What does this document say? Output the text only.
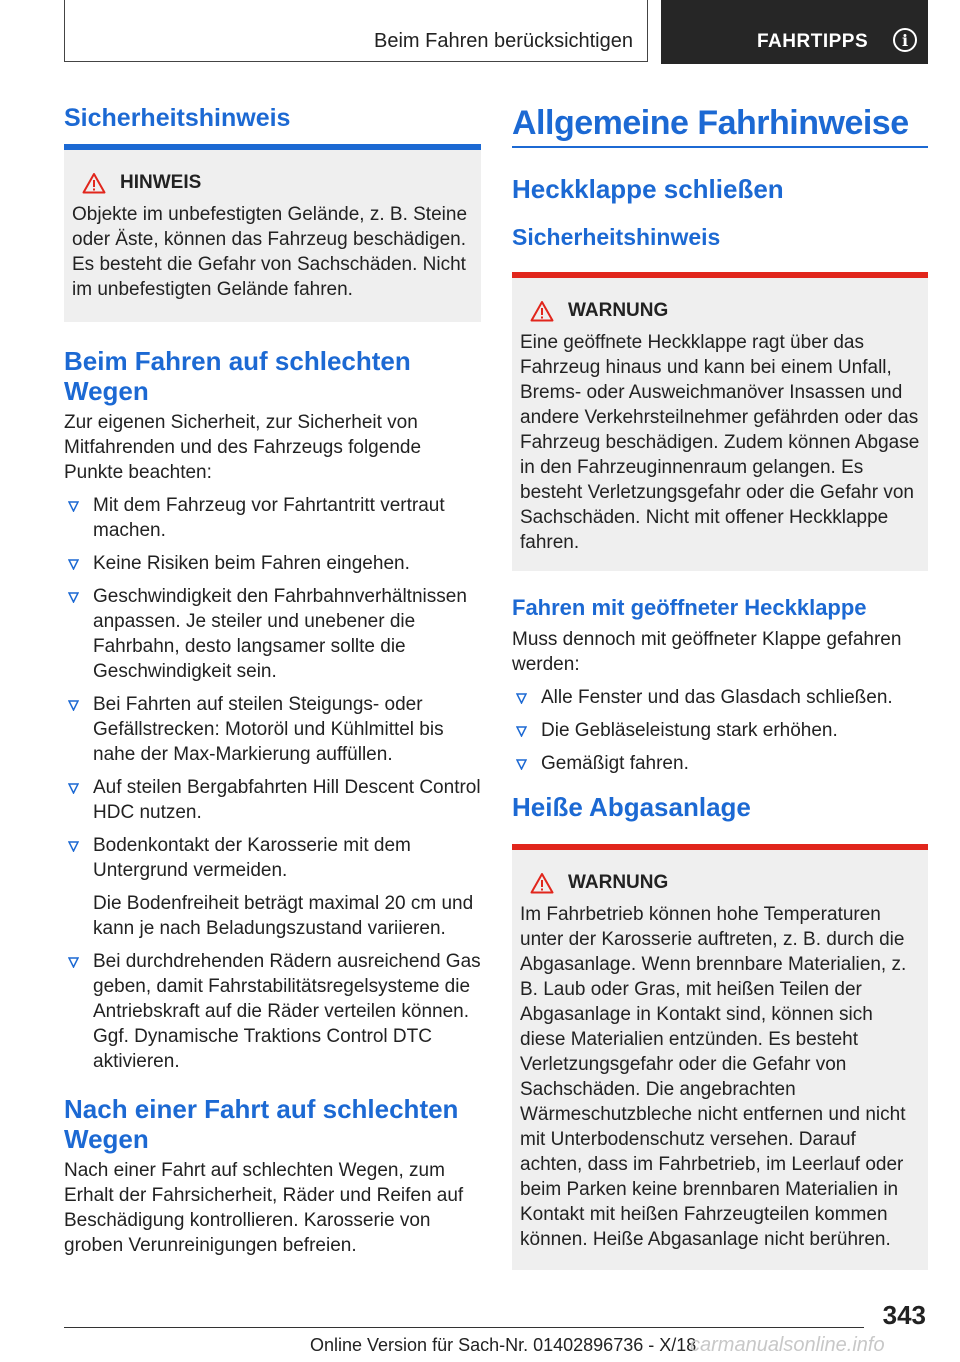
Beim Fahren berücksichtigen	FAHRTIPPS	i
Sicherheitshinweis
HINWEIS

Objekte im unbefestigten Gelände, z. B. Steine oder Äste, können das Fahrzeug beschädigen. Es besteht die Gefahr von Sachschäden. Nicht im unbefestigten Gelände fahren.

Beim Fahren auf schlechten Wegen

Zur eigenen Sicherheit, zur Sicherheit von Mitfahrenden und des Fahrzeugs folgende Punkte beachten:

Mit dem Fahrzeug vor Fahrtantritt vertraut machen.
Keine Risiken beim Fahren eingehen.
Geschwindigkeit den Fahrbahnverhältnissen anpassen. Je steiler und unebener die Fahrbahn, desto langsamer sollte die Geschwindigkeit sein.
Bei Fahrten auf steilen Steigungs- oder Gefällstrecken: Motoröl und Kühlmittel bis nahe der Max-Markierung auffüllen.
Auf steilen Bergabfahrten Hill Descent Control HDC nutzen.
Bodenkontakt der Karosserie mit dem Untergrund vermeiden.
Die Bodenfreiheit beträgt maximal 20 cm und kann je nach Beladungszustand variieren.
Bei durchdrehenden Rädern ausreichend Gas geben, damit Fahrstabilitätsregelsysteme die Antriebskraft auf die Räder verteilen können. Ggf. Dynamische Traktions Control DTC aktivieren.
Nach einer Fahrt auf schlechten Wegen

Nach einer Fahrt auf schlechten Wegen, zum Erhalt der Fahrsicherheit, Räder und Reifen auf Beschädigung kontrollieren. Karosserie von groben Verunreinigungen befreien.

Allgemeine Fahrhinweise
Heckklappe schließen
Sicherheitshinweis
WARNUNG

Eine geöffnete Heckklappe ragt über das Fahrzeug hinaus und kann bei einem Unfall, Brems- oder Ausweichmanöver Insassen und andere Verkehrsteilnehmer gefährden oder das Fahrzeug beschädigen. Zudem können Abgase in den Fahrzeuginnenraum gelangen. Es besteht Verletzungsgefahr oder die Gefahr von Sachschäden. Nicht mit offener Heckklappe fahren.

Fahren mit geöffneter Heckklappe

Muss dennoch mit geöffneter Klappe gefahren werden:

Alle Fenster und das Glasdach schließen.
Die Gebläseleistung stark erhöhen.
Gemäßigt fahren.
Heiße Abgasanlage
WARNUNG

Im Fahrbetrieb können hohe Temperaturen unter der Karosserie auftreten, z. B. durch die Abgasanlage. Wenn brennbare Materialien, z. B. Laub oder Gras, mit heißen Teilen der Abgasanlage in Kontakt sind, können sich diese Materialien entzünden. Es besteht Verletzungsgefahr oder die Gefahr von Sachschäden. Die angebrachten Wärmeschutzbleche nicht entfernen und nicht mit Unterbodenschutz versehen. Darauf achten, dass im Fahrbetrieb, im Leerlauf oder beim Parken keine brennbaren Materialien in Kontakt mit heißen Fahrzeugteilen kommen können. Heiße Abgasanlage nicht berühren.

343
Online Version für Sach-Nr. 01402896736 - X/18
carmanualsonline.info
